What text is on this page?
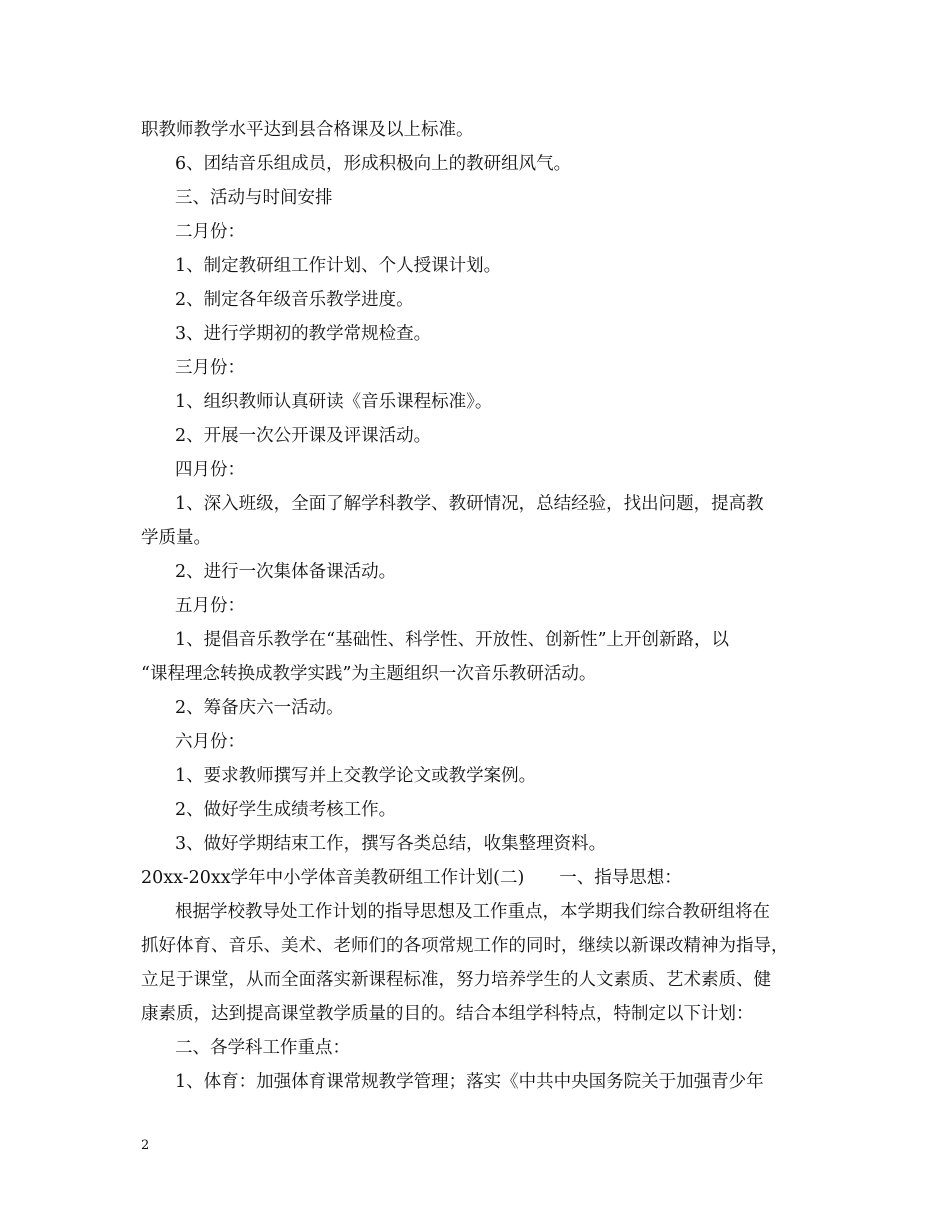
职教师教学水平达到县合格课及以上标准。
6、团结音乐组成员，形成积极向上的教研组风气。
三、活动与时间安排
二月份：
1、制定教研组工作计划、个人授课计划。
2、制定各年级音乐教学进度。
3、进行学期初的教学常规检查。
三月份：
1、组织教师认真研读《音乐课程标准》。
2、开展一次公开课及评课活动。
四月份：
1、深入班级，全面了解学科教学、教研情况，总结经验，找出问题，提高教
学质量。
2、进行一次集体备课活动。
五月份：
1、提倡音乐教学在“基础性、科学性、开放性、创新性”上开创新路，以
“课程理念转换成教学实践”为主题组织一次音乐教研活动。
2、筹备庆六一活动。
六月份：
1、要求教师撰写并上交教学论文或教学案例。
2、做好学生成绩考核工作。
3、做好学期结束工作，撰写各类总结，收集整理资料。
20xx-20xx学年中小学体音美教研组工作计划(二)　　一、指导思想：
根据学校教导处工作计划的指导思想及工作重点，本学期我们综合教研组将在
抓好体育、音乐、美术、老师们的各项常规工作的同时，继续以新课改精神为指导，
立足于课堂，从而全面落实新课程标准，努力培养学生的人文素质、艺术素质、健
康素质，达到提高课堂教学质量的目的。结合本组学科特点，特制定以下计划：
二、各学科工作重点：
1、体育：加强体育课常规教学管理；落实《中共中央国务院关于加强青少年
2
